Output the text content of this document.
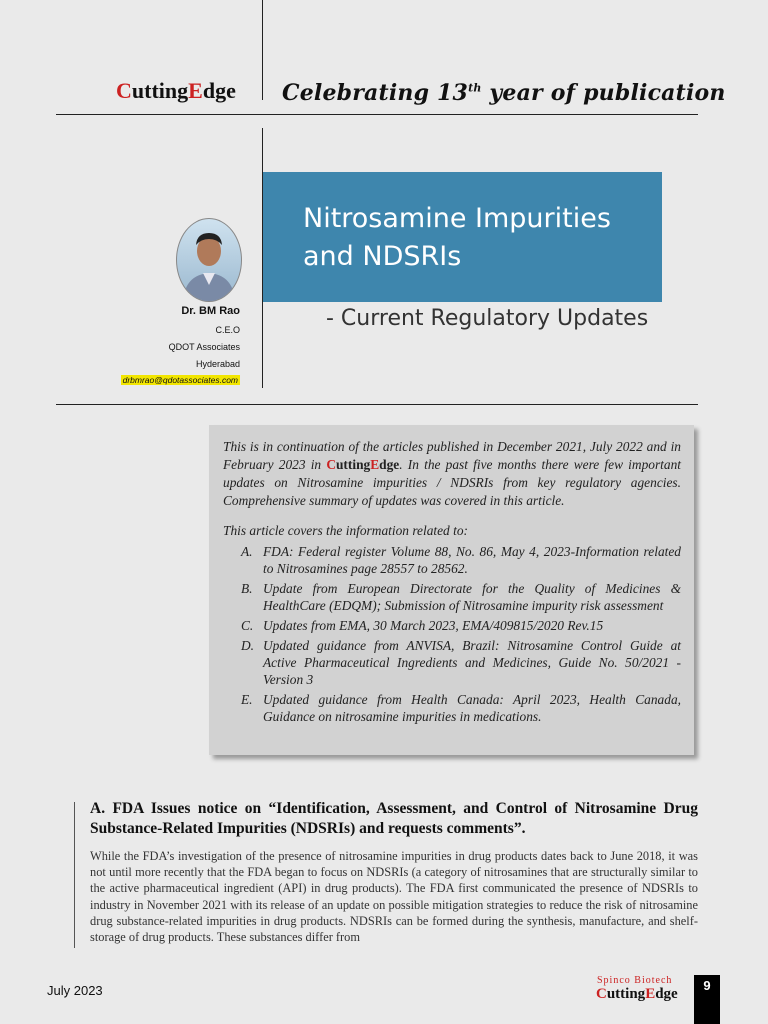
CuttingEdge Celebrating 13th year of publication
Nitrosamine Impurities and NDSRIs
- Current Regulatory Updates
Dr. BM Rao
C.E.O
QDOT Associates
Hyderabad
drbmrao@qdotassociates.com

This is in continuation of the articles published in December 2021, July 2022 and in February 2023 in CuttingEdge. In the past five months there were few important updates on Nitrosamine impurities / NDSRIs from key regulatory agencies. Comprehensive summary of updates was covered in this article.

This article covers the information related to:

A. FDA: Federal register Volume 88, No. 86, May 4, 2023-Information related to Nitrosamines page 28557 to 28562.
B. Update from European Directorate for the Quality of Medicines & HealthCare (EDQM); Submission of Nitrosamine impurity risk assessment
C. Updates from EMA, 30 March 2023, EMA/409815/2020 Rev.15
D. Updated guidance from ANVISA, Brazil: Nitrosamine Control Guide at Active Pharmaceutical Ingredients and Medicines, Guide No. 50/2021 - Version 3
E. Updated guidance from Health Canada: April 2023, Health Canada, Guidance on nitrosamine impurities in medications.
A. FDA Issues notice on “Identification, Assessment, and Control of Nitrosamine Drug Substance-Related Impurities (NDSRIs) and requests comments”.

While the FDA’s investigation of the presence of nitrosamine impurities in drug products dates back to June 2018, it was not until more recently that the FDA began to focus on NDSRIs (a category of nitrosamines that are structurally similar to the active pharmaceutical ingredient (API) in drug products). The FDA first communicated the presence of NDSRIs to industry in November 2021 with its release of an update on possible mitigation strategies to reduce the risk of nitrosamine drug substance-related impurities in drug products. NDSRIs can be formed during the synthesis, manufacture, and shelf-storage of drug products. These substances differ from

July 2023
Spinco Biotech
CuttingEdge
9
